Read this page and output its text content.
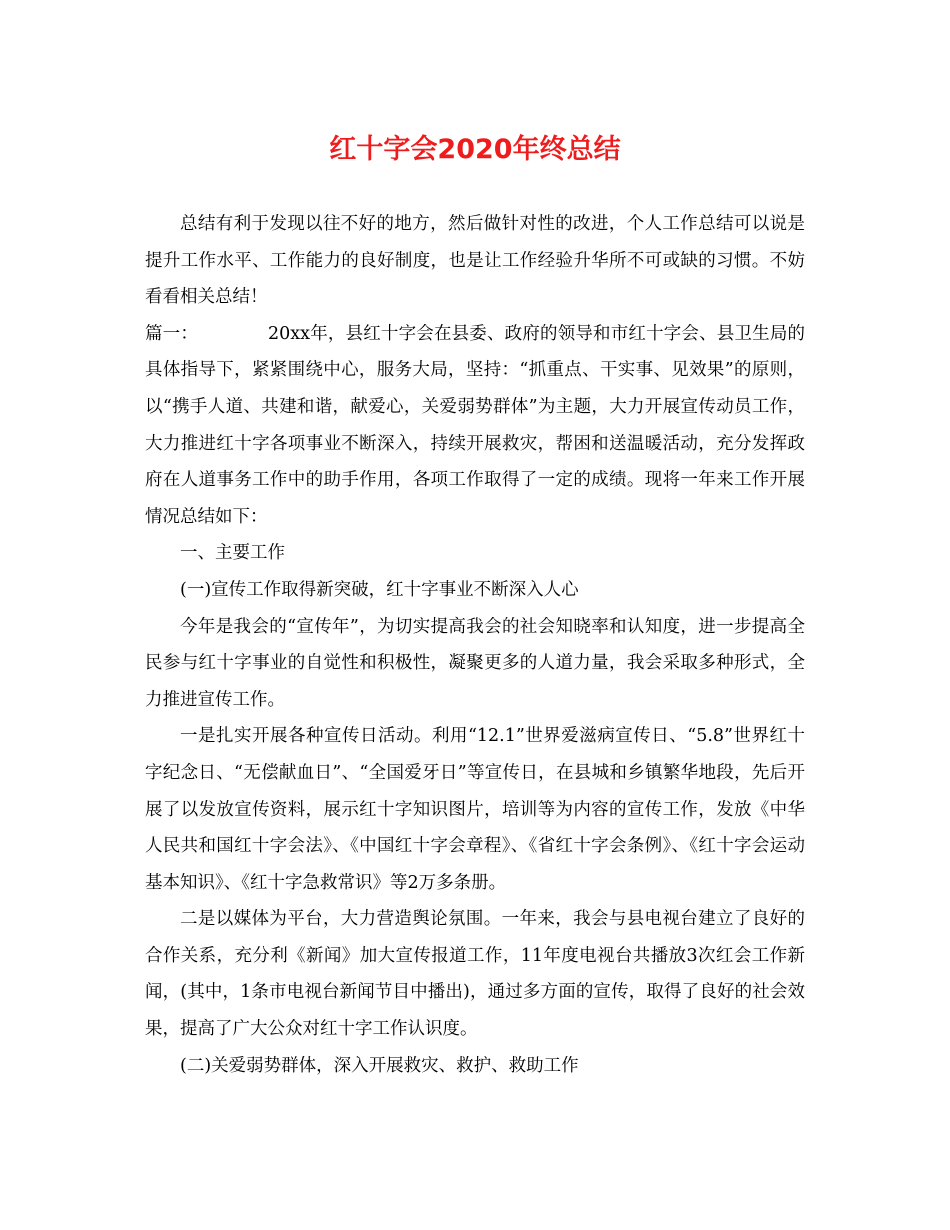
红十字会2020年终总结

总结有利于发现以往不好的地方，然后做针对性的改进，个人工作总结可以说是提升工作水平、工作能力的良好制度，也是让工作经验升华所不可或缺的习惯。不妨看看相关总结！

篇一：	20xx年，县红十字会在县委、政府的领导和市红十字会、县卫生局的具体指导下，紧紧围绕中心，服务大局，坚持：“抓重点、干实事、见效果”的原则，以“携手人道、共建和谐，献爱心，关爱弱势群体”为主题，大力开展宣传动员工作，大力推进红十字各项事业不断深入，持续开展救灾，帮困和送温暖活动，充分发挥政府在人道事务工作中的助手作用，各项工作取得了一定的成绩。现将一年来工作开展情况总结如下：

一、主要工作

(一)宣传工作取得新突破，红十字事业不断深入人心

今年是我会的“宣传年”，为切实提高我会的社会知晓率和认知度，进一步提高全民参与红十字事业的自觉性和积极性，凝聚更多的人道力量，我会采取多种形式，全力推进宣传工作。

一是扎实开展各种宣传日活动。利用“12.1”世界爱滋病宣传日、“5.8”世界红十字纪念日、“无偿献血日”、“全国爱牙日”等宣传日，在县城和乡镇繁华地段，先后开展了以发放宣传资料，展示红十字知识图片，培训等为内容的宣传工作，发放《中华人民共和国红十字会法》、《中国红十字会章程》、《省红十字会条例》、《红十字会运动基本知识》、《红十字急救常识》等2万多条册。

二是以媒体为平台，大力营造舆论氛围。一年来，我会与县电视台建立了良好的合作关系，充分利《新闻》加大宣传报道工作，11年度电视台共播放3次红会工作新闻，(其中，1条市电视台新闻节目中播出)，通过多方面的宣传，取得了良好的社会效果，提高了广大公众对红十字工作认识度。

(二)关爱弱势群体，深入开展救灾、救护、救助工作
